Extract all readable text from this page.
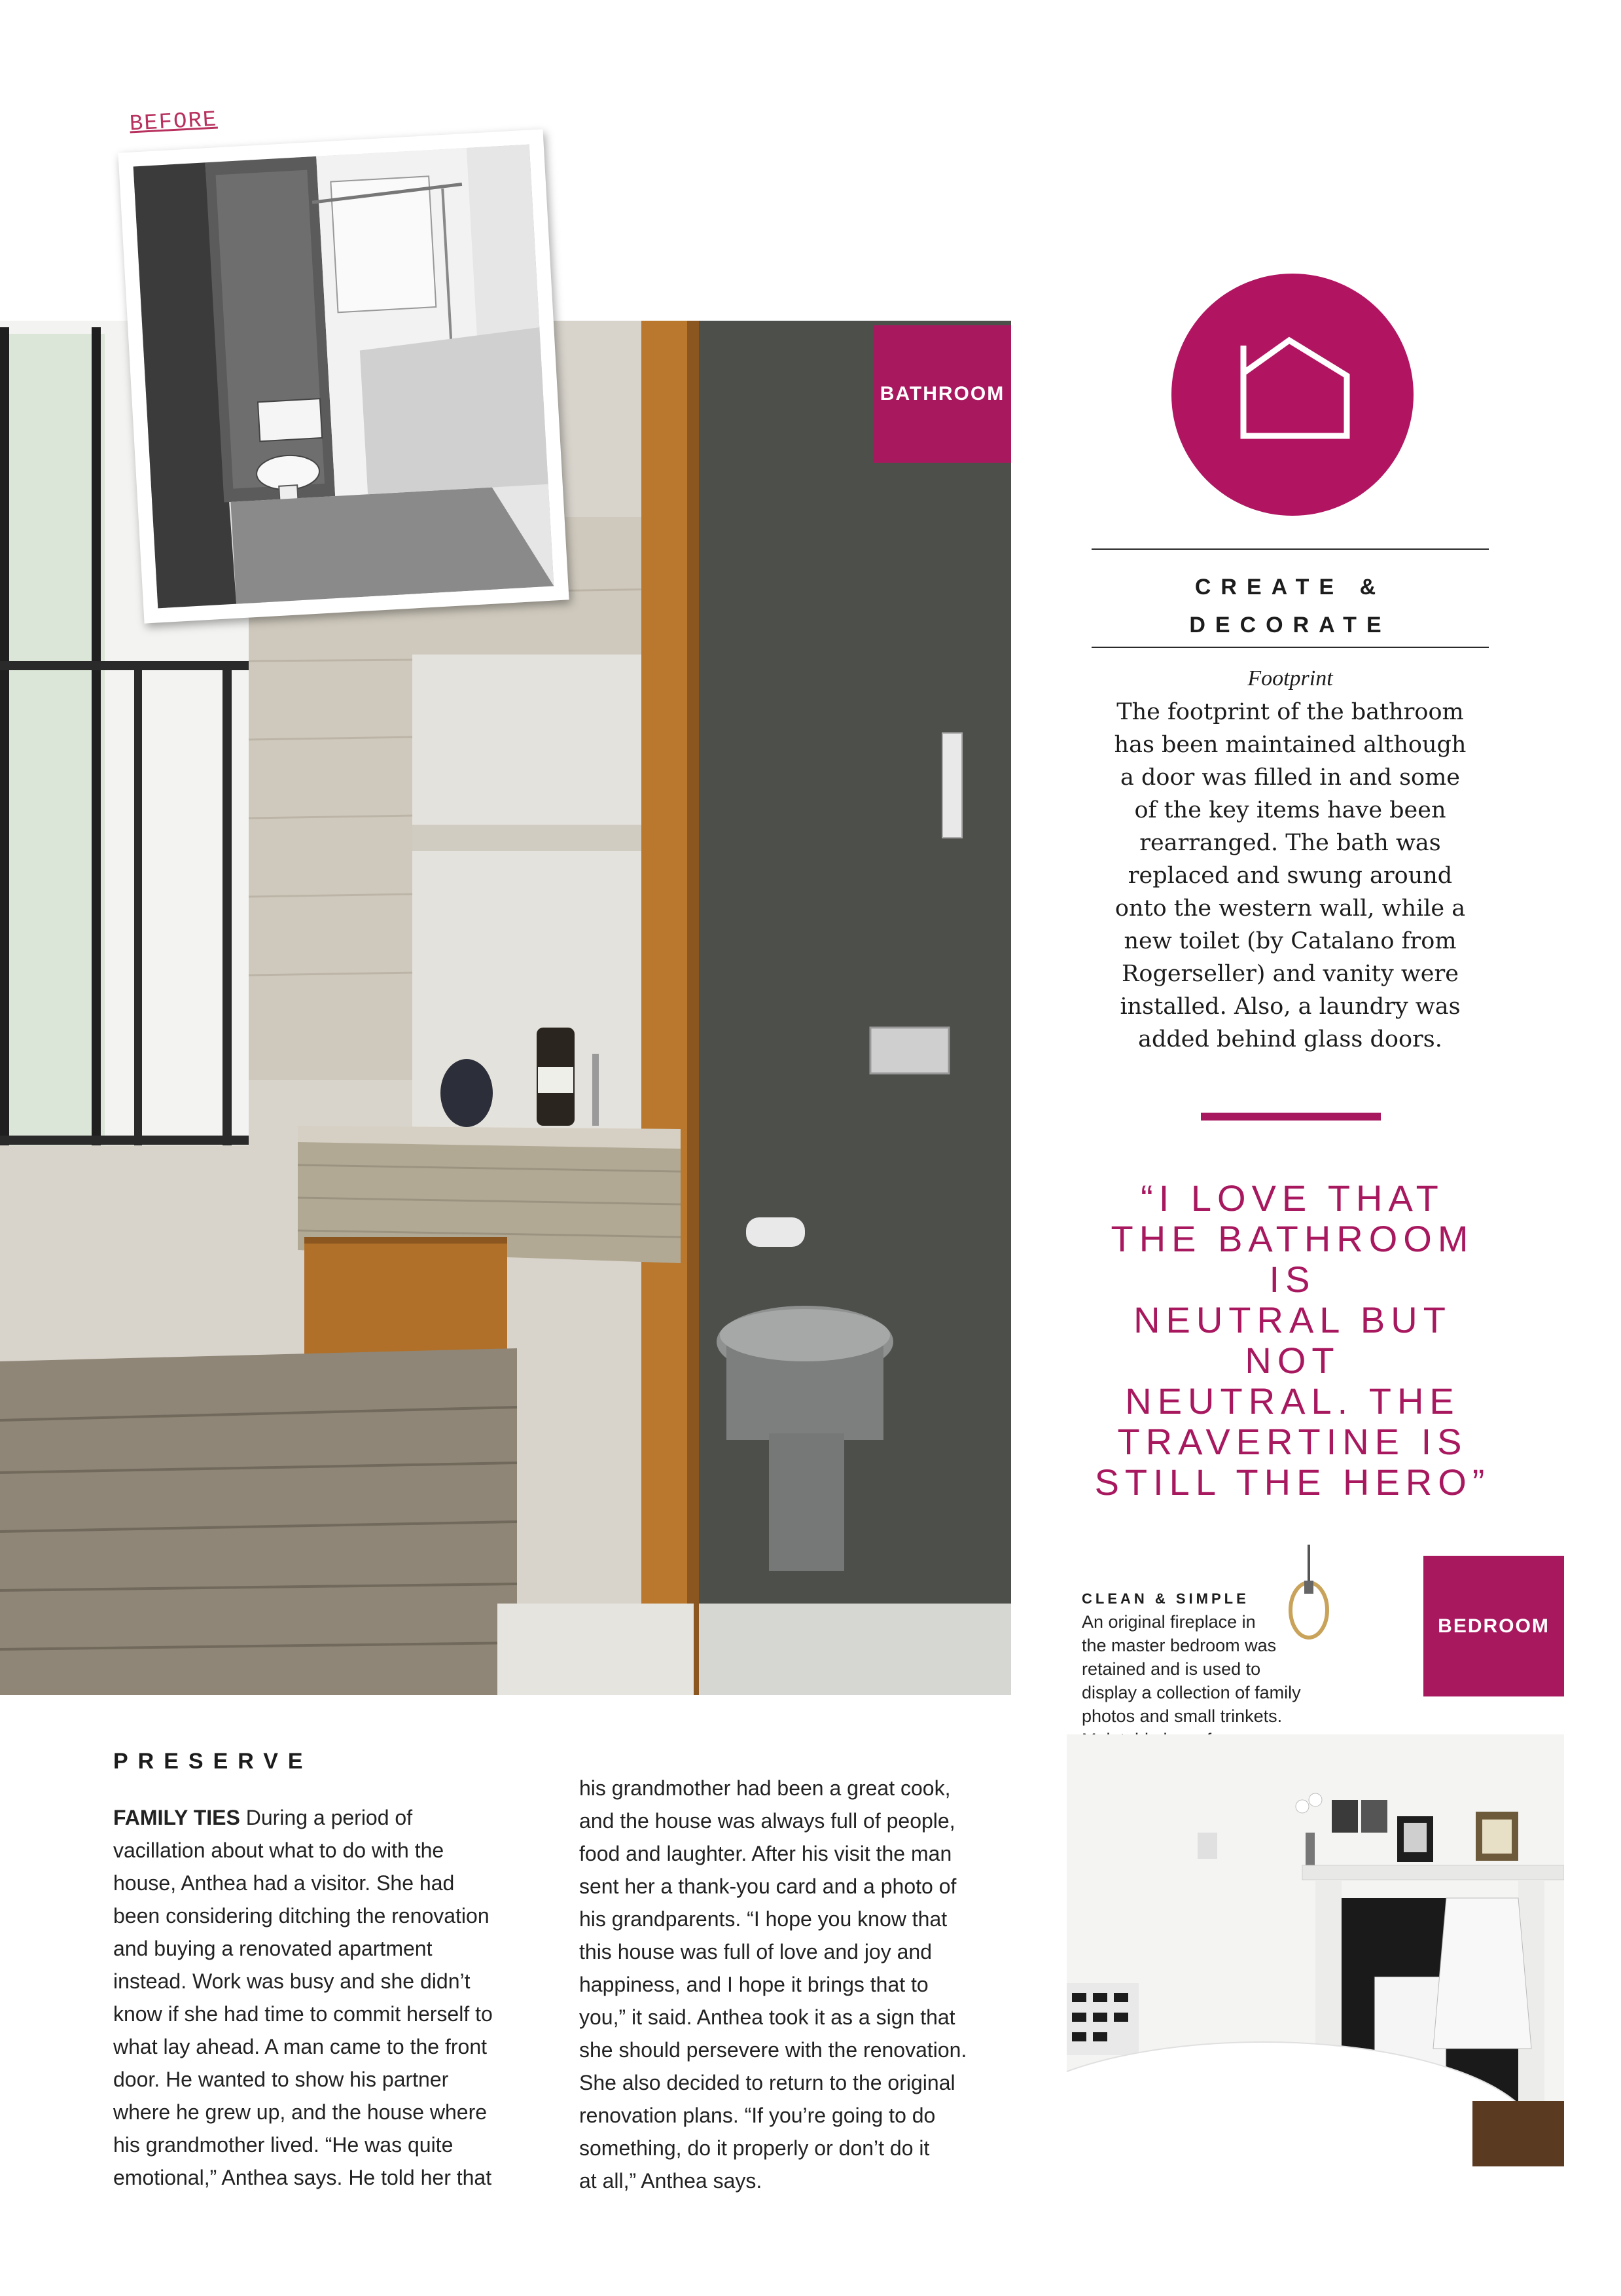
BEFORE
BATHROOM
CREATE &
DECORATE
Footprint
The footprint of the bathroom
has been maintained although
a door was filled in and some
of the key items have been
rearranged. The bath was
replaced and swung around
onto the western wall, while a
new toilet (by Catalano from
Rogerseller) and vanity were
installed. Also, a laundry was
added behind glass doors.
“I LOVE THAT
THE BATHROOM IS
NEUTRAL BUT NOT
NEUTRAL. THE
TRAVERTINE IS
STILL THE HERO”
PRESERVE
FAMILY TIES During a period of
vacillation about what to do with the
house, Anthea had a visitor. She had
been considering ditching the renovation
and buying a renovated apartment
instead. Work was busy and she didn’t
know if she had time to commit herself to
what lay ahead. A man came to the front
door. He wanted to show his partner
where he grew up, and the house where
his grandmother lived. “He was quite
emotional,” Anthea says. He told her that
his grandmother had been a great cook,
and the house was always full of people,
food and laughter. After his visit the man
sent her a thank-you card and a photo of
his grandparents. “I hope you know that
this house was full of love and joy and
happiness, and I hope it brings that to
you,” it said. Anthea took it as a sign that
she should persevere with the renovation.
She also decided to return to the original
renovation plans. “If you’re going to do
something, do it properly or don’t do it
at all,” Anthea says.
CLEAN & SIMPLE
An original fireplace in
the master bedroom was
retained and is used to
display a collection of family
photos and small trinkets.
BEDROOM
